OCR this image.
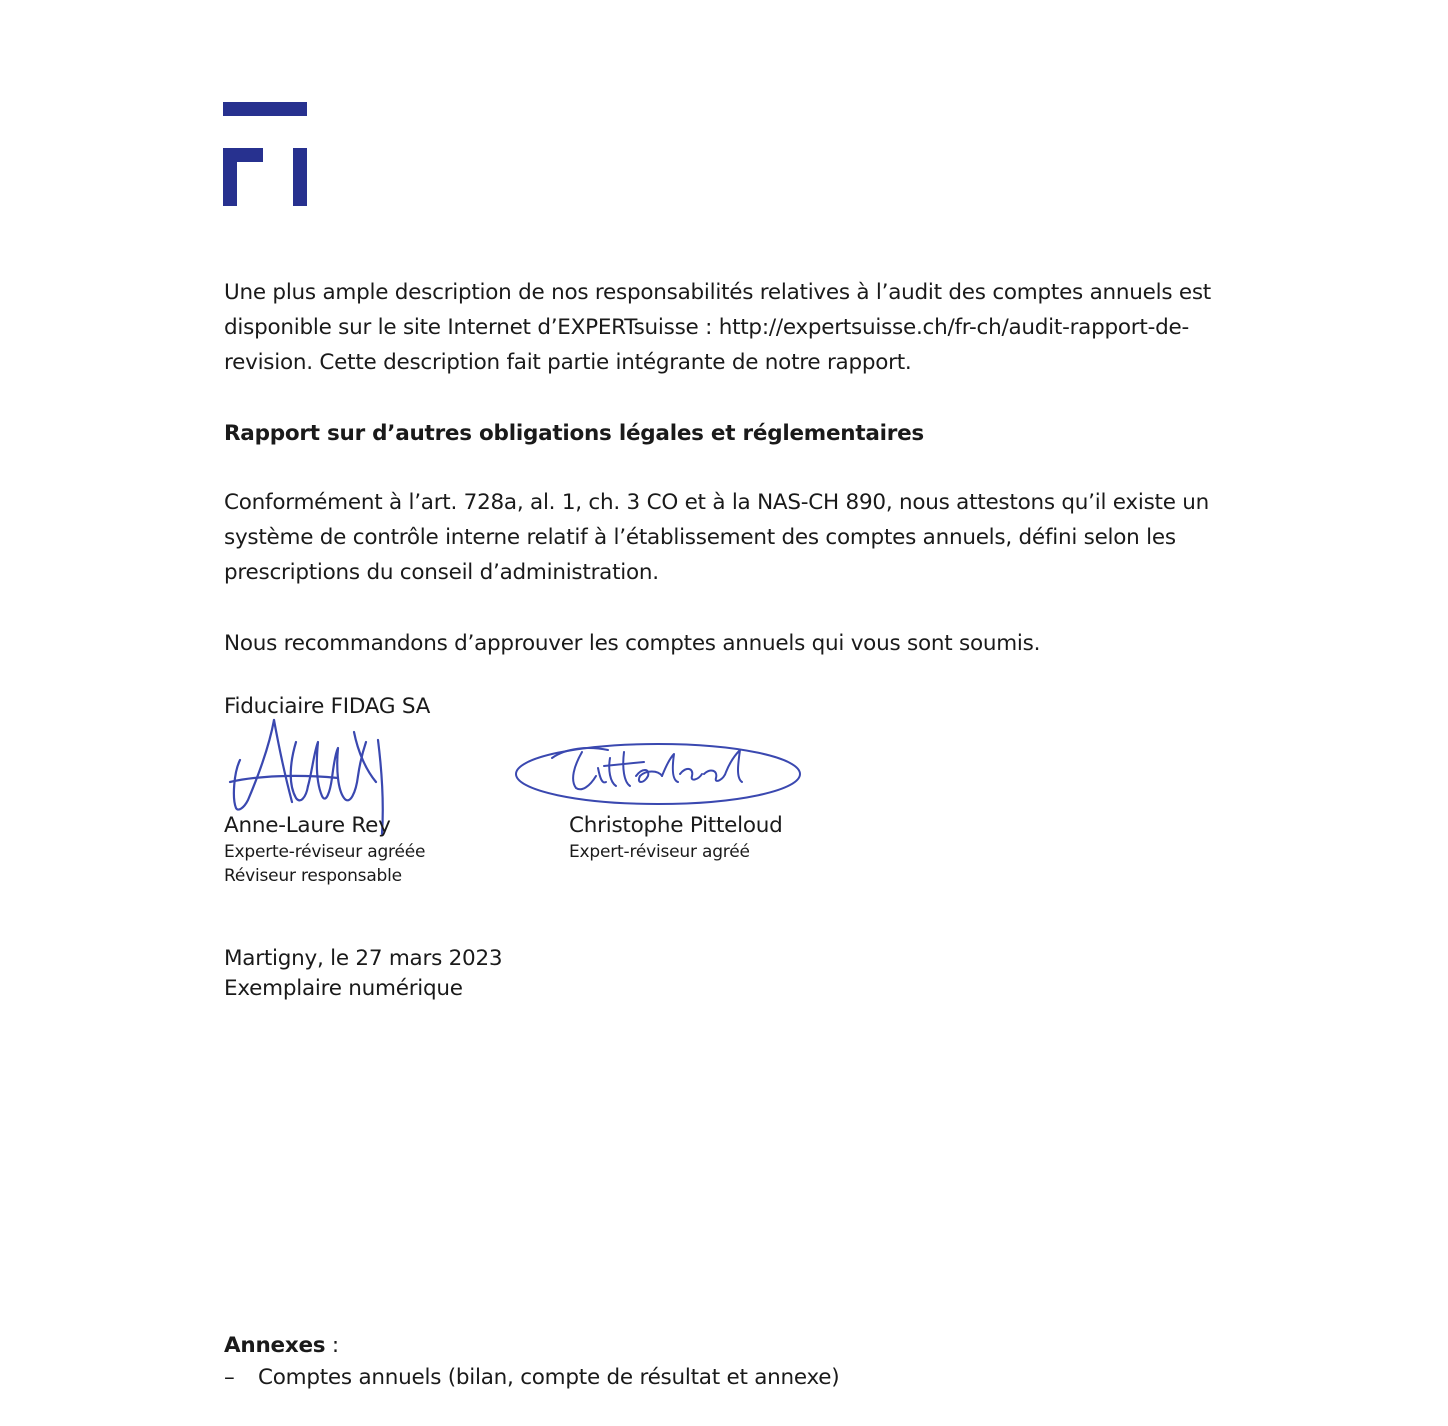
Une plus ample description de nos responsabilités relatives à l’audit des comptes annuels est
disponible sur le site Internet d’EXPERTsuisse : http://expertsuisse.ch/fr-ch/audit-rapport-de-
revision. Cette description fait partie intégrante de notre rapport.
Rapport sur d’autres obligations légales et réglementaires
Conformément à l’art. 728a, al. 1, ch. 3 CO et à la NAS-CH 890, nous attestons qu’il existe un
système de contrôle interne relatif à l’établissement des comptes annuels, défini selon les
prescriptions du conseil d’administration.
Nous recommandons d’approuver les comptes annuels qui vous sont soumis.
Fiduciaire FIDAG SA
Anne-Laure Rey
Experte-réviseur agréée
Réviseur responsable
Christophe Pitteloud
Expert-réviseur agréé
Martigny, le 27 mars 2023
Exemplaire numérique
Annexes :
– Comptes annuels (bilan, compte de résultat et annexe)
